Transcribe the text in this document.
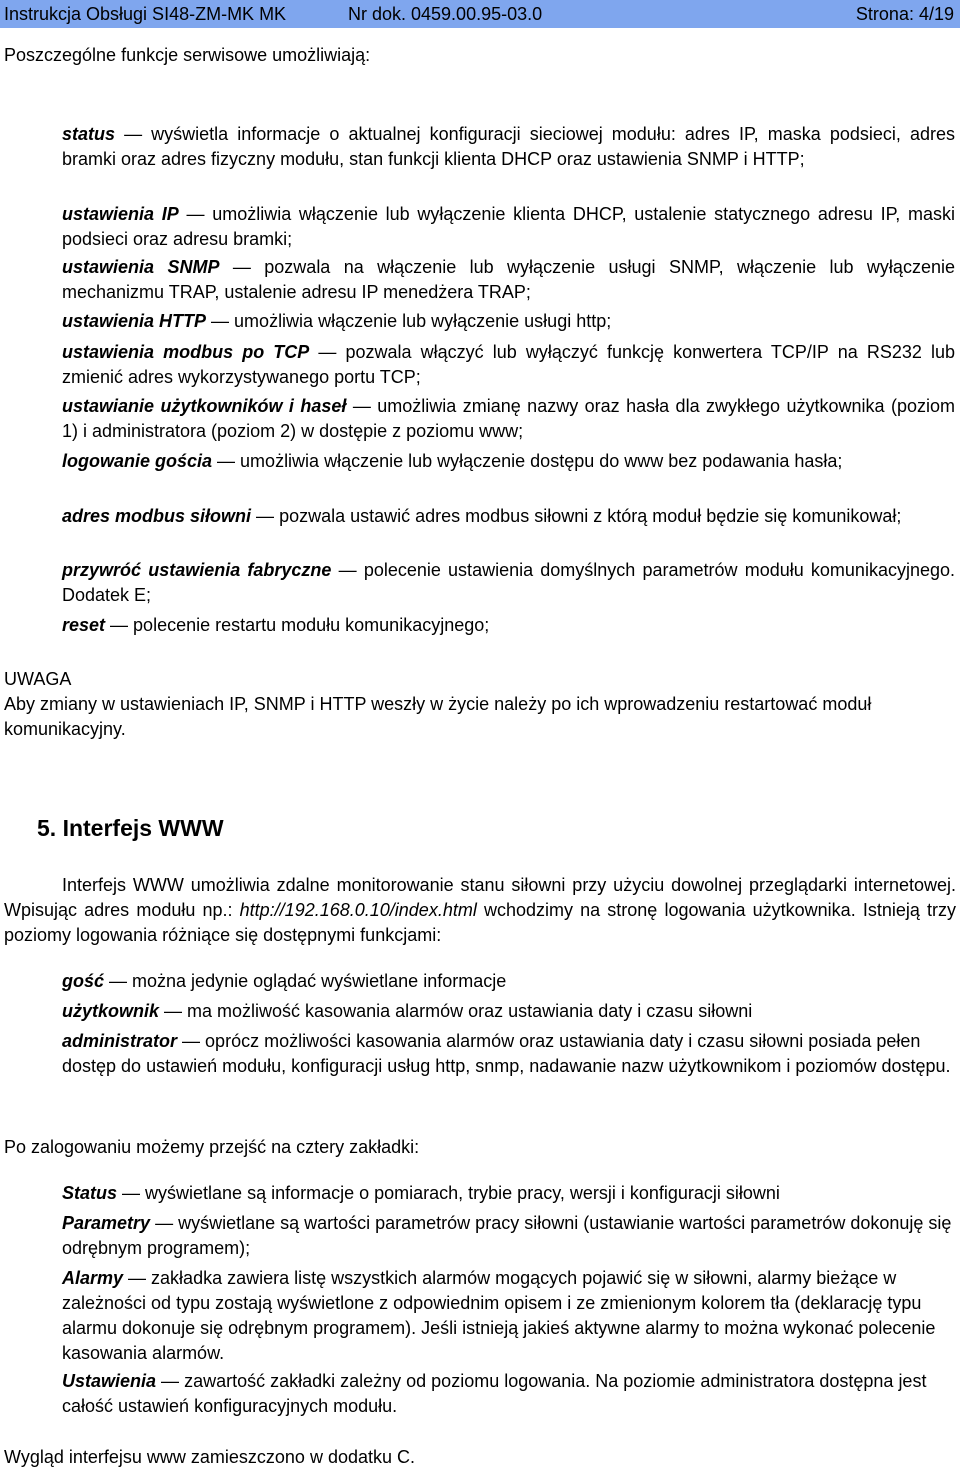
Instrukcja Obsługi SI48-ZM-MK MK	Nr dok. 0459.00.95-03.0	Strona: 4/19

Poszczególne funkcje serwisowe umożliwiają:

status — wyświetla informacje o aktualnej konfiguracji sieciowej modułu: adres IP, maska podsieci, adres bramki oraz adres fizyczny modułu, stan funkcji klienta DHCP oraz ustawienia SNMP i HTTP;

ustawienia IP — umożliwia włączenie lub wyłączenie klienta DHCP, ustalenie statycznego adresu IP, maski podsieci oraz adresu bramki;

ustawienia SNMP — pozwala na włączenie lub wyłączenie usługi SNMP, włączenie lub wyłączenie mechanizmu TRAP, ustalenie adresu IP menedżera TRAP;

ustawienia HTTP — umożliwia włączenie lub wyłączenie usługi http;

ustawienia modbus po TCP — pozwala włączyć lub wyłączyć funkcję konwertera TCP/IP na RS232 lub zmienić adres wykorzystywanego portu TCP;

ustawianie użytkowników i haseł — umożliwia zmianę nazwy oraz hasła dla zwykłego użytkownika (poziom 1) i administratora (poziom 2) w dostępie z poziomu www;

logowanie gościa — umożliwia włączenie lub wyłączenie dostępu do www bez podawania hasła;

adres modbus siłowni — pozwala ustawić adres modbus siłowni z którą moduł będzie się komunikował;

przywróć ustawienia fabryczne — polecenie ustawienia domyślnych parametrów modułu komunikacyjnego. Dodatek E;

reset — polecenie restartu modułu komunikacyjnego;

UWAGA

Aby zmiany w ustawieniach IP, SNMP i HTTP weszły w życie należy po ich wprowadzeniu restartować moduł komunikacyjny.

5. Interfejs WWW

Interfejs WWW umożliwia zdalne monitorowanie stanu siłowni przy użyciu dowolnej przeglądarki internetowej. Wpisując adres modułu np.: http://192.168.0.10/index.html wchodzimy na stronę logowania użytkownika. Istnieją trzy poziomy logowania różniące się dostępnymi funkcjami:

gość — można jedynie oglądać wyświetlane informacje

użytkownik — ma możliwość kasowania alarmów oraz ustawiania daty i czasu siłowni

administrator — oprócz możliwości kasowania alarmów oraz ustawiania daty i czasu siłowni posiada pełen dostęp do ustawień modułu, konfiguracji usług http, snmp, nadawanie nazw użytkownikom i poziomów dostępu.

Po zalogowaniu możemy przejść na cztery zakładki:

Status — wyświetlane są informacje o pomiarach, trybie pracy, wersji i konfiguracji siłowni

Parametry — wyświetlane są wartości parametrów pracy siłowni (ustawianie wartości parametrów dokonuję się odrębnym programem);

Alarmy — zakładka zawiera listę wszystkich alarmów mogących pojawić się w siłowni, alarmy bieżące w zależności od typu zostają wyświetlone z odpowiednim opisem i ze zmienionym kolorem tła (deklarację typu alarmu dokonuje się odrębnym programem). Jeśli istnieją jakieś aktywne alarmy to można wykonać polecenie kasowania alarmów.

Ustawienia — zawartość zakładki zależny od poziomu logowania. Na poziomie administratora dostępna jest całość ustawień konfiguracyjnych modułu.

Wygląd interfejsu www zamieszczono w dodatku C.
